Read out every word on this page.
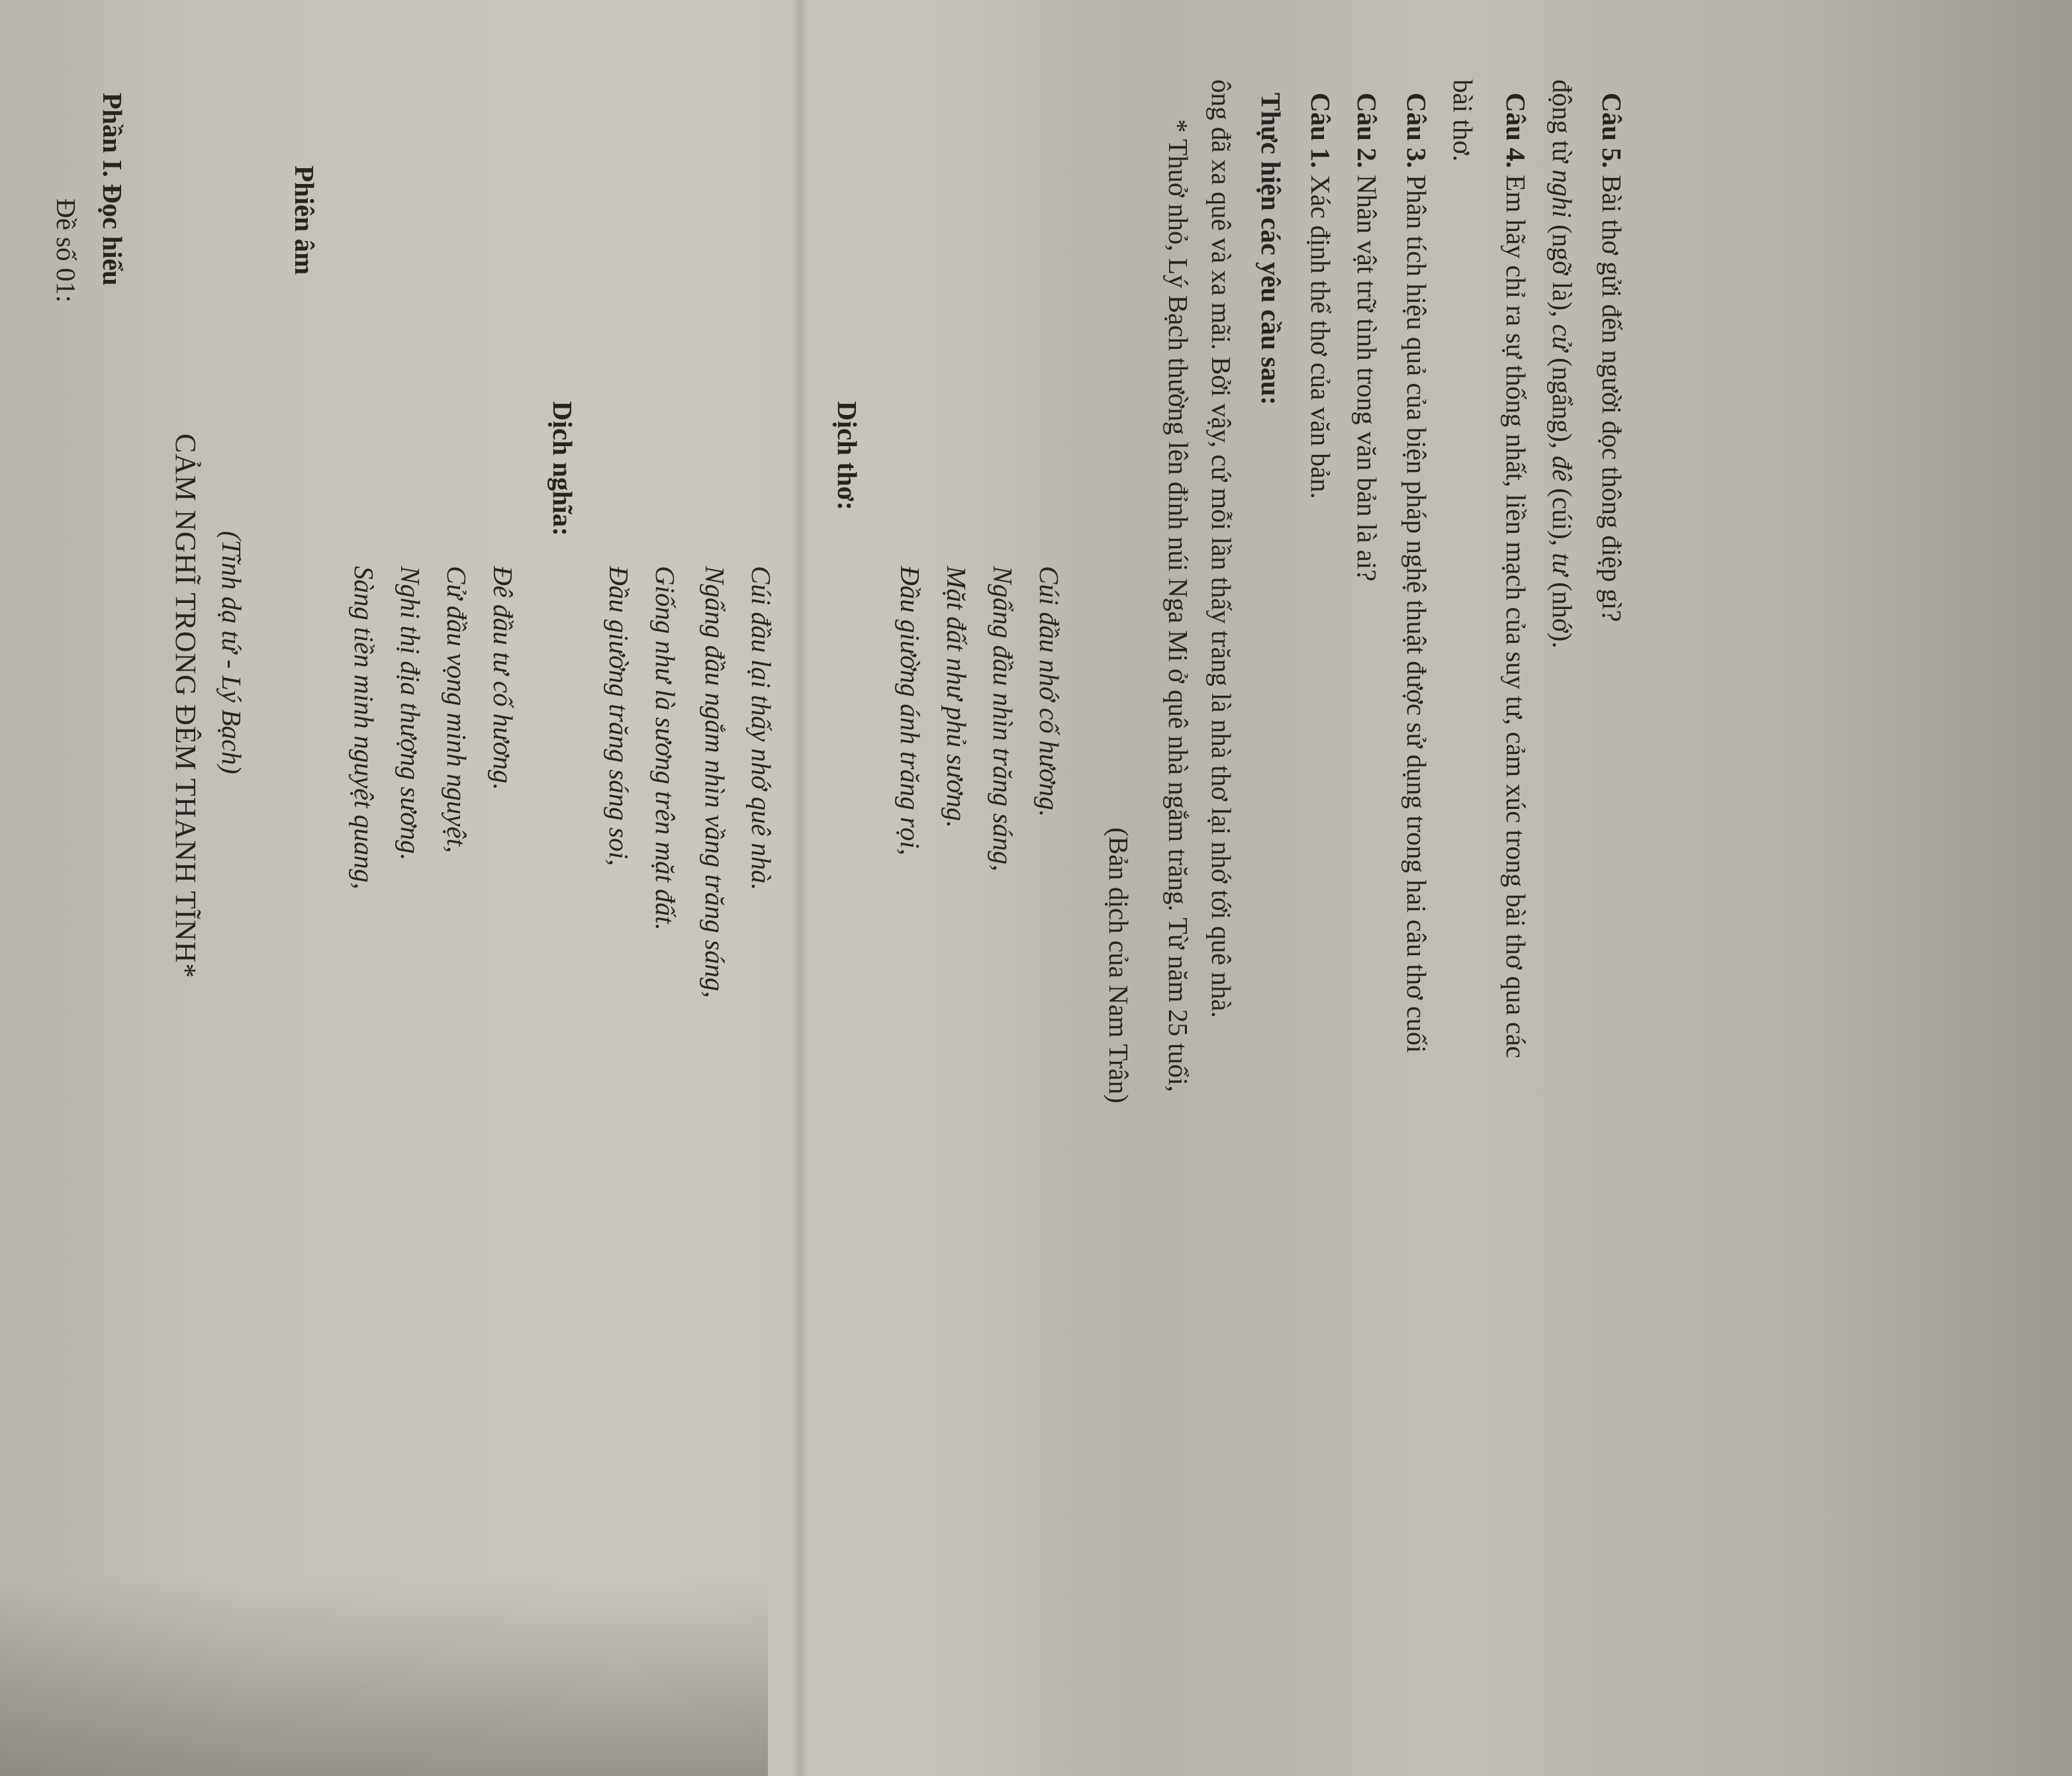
Đề số 01: Phần I. Đọc hiểu
CẢM NGHĨ TRONG ĐÊM THANH TĨNH* (Tĩnh dạ tứ - Lý Bạch)
Phiên âm
Sàng tiền minh nguyệt quang, Nghi thị địa thượng sương. Cử đầu vọng minh nguyệt, Đê đầu tư cố hương.
Dịch nghĩa:
Đầu giường trăng sáng soi, Giống như là sương trên mặt đất. Ngẩng đầu ngắm nhìn vầng trăng sáng, Cúi đầu lại thấy nhớ quê nhà.
Dịch thơ:
Đầu giường ánh trăng rọi, Mặt đất như phủ sương. Ngẩng đầu nhìn trăng sáng, Cúi đầu nhớ cố hương.
(Bản dịch của Nam Trân) * Thuở nhỏ, Lý Bạch thường lên đỉnh núi Nga Mi ở quê nhà ngắm trăng. Từ năm 25 tuổi, ông đã xa quê và xa mãi. Bởi vậy, cứ mỗi lần thấy trăng là nhà thơ lại nhớ tới quê nhà. Thực hiện các yêu cầu sau: Câu 1. Xác định thể thơ của văn bản.
Câu 2. Nhân vật trữ tình trong văn bản là ai?
Câu 3. Phân tích hiệu quả của biện pháp nghệ thuật được sử dụng trong hai câu thơ cuối
bài thơ. Câu 4. Em hãy chỉ ra sự thống nhất, liền mạch của suy tư, cảm xúc trong bài thơ qua các
động từ nghi (ngỡ là), cử (ngẩng), đê (cúi), tư (nhớ).
Câu 5. Bài thơ gửi đến người đọc thông điệp gì?
